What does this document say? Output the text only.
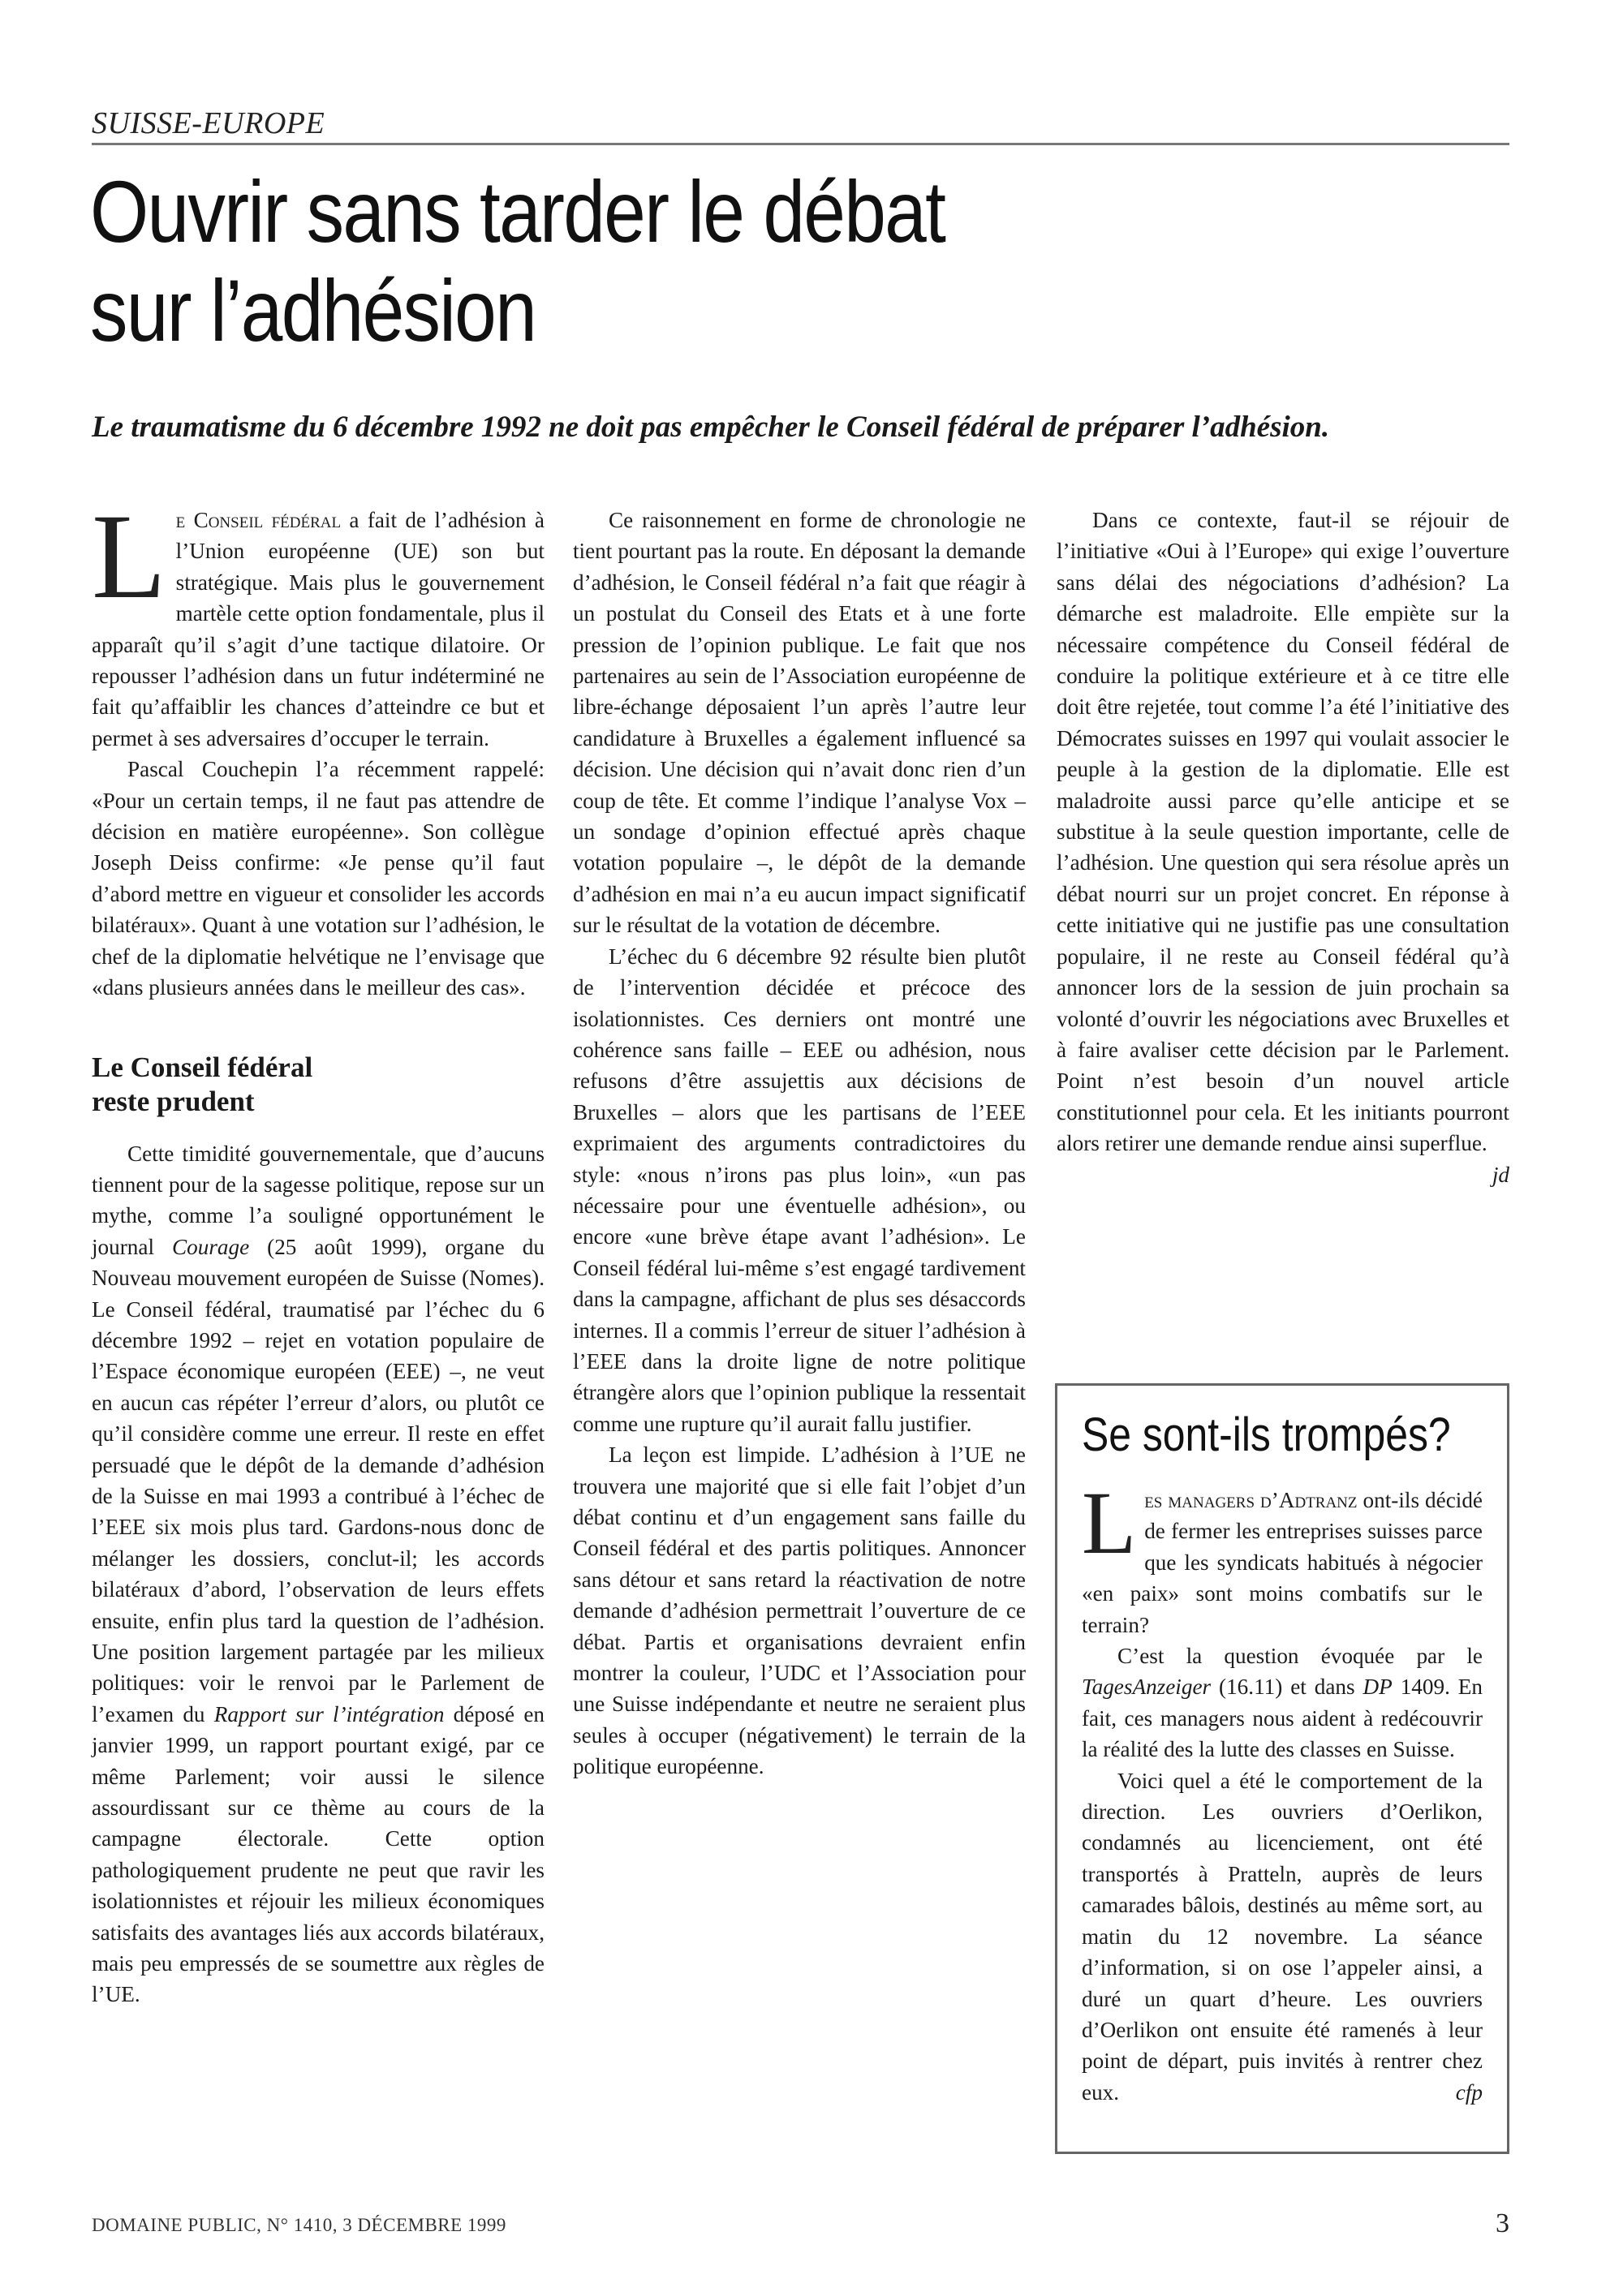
SUISSE-EUROPE
Ouvrir sans tarder le débat
sur l’adhésion

Le traumatisme du 6 décembre 1992 ne doit pas empêcher le Conseil fédéral de préparer l’adhésion.

Le Conseil fédéral a fait de l’adhésion à l’Union européenne (UE) son but stratégique. Mais plus le gouvernement martèle cette option fondamentale, plus il apparaît qu’il s’agit d’une tactique dilatoire. Or repousser l’adhésion dans un futur indéterminé ne fait qu’affaiblir les chances d’atteindre ce but et permet à ses adversaires d’occuper le terrain.

Pascal Couchepin l’a récemment rappelé: «Pour un certain temps, il ne faut pas attendre de décision en matière européenne». Son collègue Joseph Deiss confirme: «Je pense qu’il faut d’abord mettre en vigueur et consolider les accords bilatéraux». Quant à une votation sur l’adhésion, le chef de la diplomatie helvétique ne l’envisage que «dans plusieurs années dans le meilleur des cas».

Le Conseil fédéral
reste prudent

Cette timidité gouvernementale, que d’aucuns tiennent pour de la sagesse politique, repose sur un mythe, comme l’a souligné opportunément le journal Courage (25 août 1999), organe du Nouveau mouvement européen de Suisse (Nomes). Le Conseil fédéral, traumatisé par l’échec du 6 décembre 1992 – rejet en votation populaire de l’Espace économique européen (EEE) –, ne veut en aucun cas répéter l’erreur d’alors, ou plutôt ce qu’il considère comme une erreur. Il reste en effet persuadé que le dépôt de la demande d’adhésion de la Suisse en mai 1993 a contribué à l’échec de l’EEE six mois plus tard. Gardons-nous donc de mélanger les dossiers, conclut-il; les accords bilatéraux d’abord, l’observation de leurs effets ensuite, enfin plus tard la question de l’adhésion. Une position largement partagée par les milieux politiques: voir le renvoi par le Parlement de l’examen du Rapport sur l’intégration déposé en janvier 1999, un rapport pourtant exigé, par ce même Parlement; voir aussi le silence assourdissant sur ce thème au cours de la campagne électorale. Cette option pathologiquement prudente ne peut que ravir les isolationnistes et réjouir les milieux économiques satisfaits des avantages liés aux accords bilatéraux, mais peu empressés de se soumettre aux règles de l’UE.

Ce raisonnement en forme de chronologie ne tient pourtant pas la route. En déposant la demande d’adhésion, le Conseil fédéral n’a fait que réagir à un postulat du Conseil des Etats et à une forte pression de l’opinion publique. Le fait que nos partenaires au sein de l’Association européenne de libre-échange déposaient l’un après l’autre leur candidature à Bruxelles a également influencé sa décision. Une décision qui n’avait donc rien d’un coup de tête. Et comme l’indique l’analyse Vox – un sondage d’opinion effectué après chaque votation populaire –, le dépôt de la demande d’adhésion en mai n’a eu aucun impact significatif sur le résultat de la votation de décembre.

L’échec du 6 décembre 92 résulte bien plutôt de l’intervention décidée et précoce des isolationnistes. Ces derniers ont montré une cohérence sans faille – EEE ou adhésion, nous refusons d’être assujettis aux décisions de Bruxelles – alors que les partisans de l’EEE exprimaient des arguments contradictoires du style: «nous n’irons pas plus loin», «un pas nécessaire pour une éventuelle adhésion», ou encore «une brève étape avant l’adhésion». Le Conseil fédéral lui-même s’est engagé tardivement dans la campagne, affichant de plus ses désaccords internes. Il a commis l’erreur de situer l’adhésion à l’EEE dans la droite ligne de notre politique étrangère alors que l’opinion publique la ressentait comme une rupture qu’il aurait fallu justifier.

La leçon est limpide. L’adhésion à l’UE ne trouvera une majorité que si elle fait l’objet d’un débat continu et d’un engagement sans faille du Conseil fédéral et des partis politiques. Annoncer sans détour et sans retard la réactivation de notre demande d’adhésion permettrait l’ouverture de ce débat. Partis et organisations devraient enfin montrer la couleur, l’UDC et l’Association pour une Suisse indépendante et neutre ne seraient plus seules à occuper (négativement) le terrain de la politique européenne.

Dans ce contexte, faut-il se réjouir de l’initiative «Oui à l’Europe» qui exige l’ouverture sans délai des négociations d’adhésion? La démarche est maladroite. Elle empiète sur la nécessaire compétence du Conseil fédéral de conduire la politique extérieure et à ce titre elle doit être rejetée, tout comme l’a été l’initiative des Démocrates suisses en 1997 qui voulait associer le peuple à la gestion de la diplomatie. Elle est maladroite aussi parce qu’elle anticipe et se substitue à la seule question importante, celle de l’adhésion. Une question qui sera résolue après un débat nourri sur un projet concret. En réponse à cette initiative qui ne justifie pas une consultation populaire, il ne reste au Conseil fédéral qu’à annoncer lors de la session de juin prochain sa volonté d’ouvrir les négociations avec Bruxelles et à faire avaliser cette décision par le Parlement. Point n’est besoin d’un nouvel article constitutionnel pour cela. Et les initiants pourront alors retirer une demande rendue ainsi superflue.
jd

Se sont-ils trompés?

Les managers d’Adtranz ont-ils décidé de fermer les entreprises suisses parce que les syndicats habitués à négocier «en paix» sont moins combatifs sur le terrain?

C’est la question évoquée par le TagesAnzeiger (16.11) et dans DP 1409. En fait, ces managers nous aident à redécouvrir la réalité des la lutte des classes en Suisse.

Voici quel a été le comportement de la direction. Les ouvriers d’Oerlikon, condamnés au licenciement, ont été transportés à Pratteln, auprès de leurs camarades bâlois, destinés au même sort, au matin du 12 novembre. La séance d’information, si on ose l’appeler ainsi, a duré un quart d’heure. Les ouvriers d’Oerlikon ont ensuite été ramenés à leur point de départ, puis invités à rentrer chez eux.	cfp

DOMAINE PUBLIC, N° 1410, 3 DÉCEMBRE 1999	3
